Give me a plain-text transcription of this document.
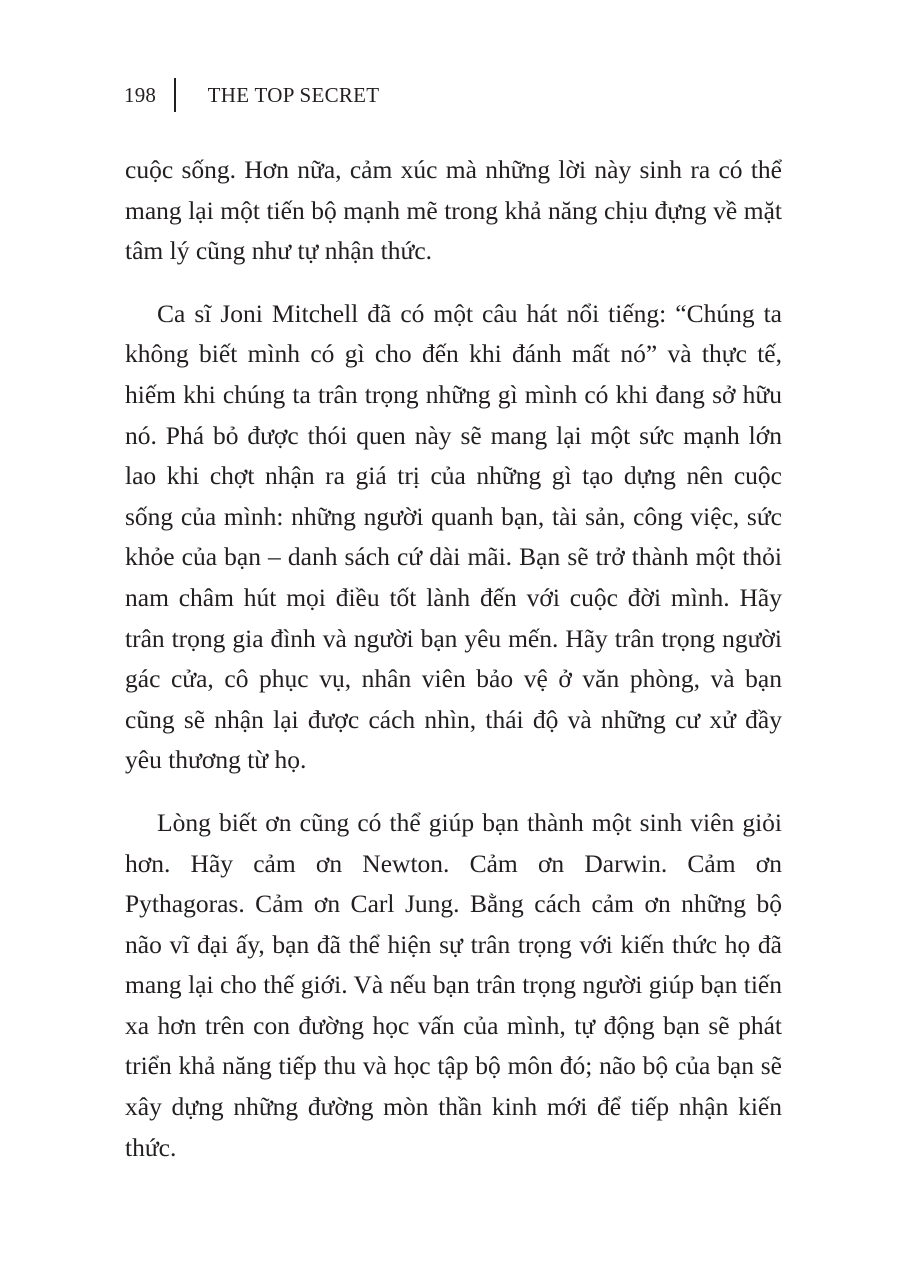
198 THE TOP SECRET

cuộc sống. Hơn nữa, cảm xúc mà những lời này sinh ra có thể mang lại một tiến bộ mạnh mẽ trong khả năng chịu đựng về mặt tâm lý cũng như tự nhận thức.

Ca sĩ Joni Mitchell đã có một câu hát nổi tiếng: “Chúng ta không biết mình có gì cho đến khi đánh mất nó” và thực tế, hiếm khi chúng ta trân trọng những gì mình có khi đang sở hữu nó. Phá bỏ được thói quen này sẽ mang lại một sức mạnh lớn lao khi chợt nhận ra giá trị của những gì tạo dựng nên cuộc sống của mình: những người quanh bạn, tài sản, công việc, sức khỏe của bạn – danh sách cứ dài mãi. Bạn sẽ trở thành một thỏi nam châm hút mọi điều tốt lành đến với cuộc đời mình. Hãy trân trọng gia đình và người bạn yêu mến. Hãy trân trọng người gác cửa, cô phục vụ, nhân viên bảo vệ ở văn phòng, và bạn cũng sẽ nhận lại được cách nhìn, thái độ và những cư xử đầy yêu thương từ họ.

Lòng biết ơn cũng có thể giúp bạn thành một sinh viên giỏi hơn. Hãy cảm ơn Newton. Cảm ơn Darwin. Cảm ơn Pythagoras. Cảm ơn Carl Jung. Bằng cách cảm ơn những bộ não vĩ đại ấy, bạn đã thể hiện sự trân trọng với kiến thức họ đã mang lại cho thế giới. Và nếu bạn trân trọng người giúp bạn tiến xa hơn trên con đường học vấn của mình, tự động bạn sẽ phát triển khả năng tiếp thu và học tập bộ môn đó; não bộ của bạn sẽ xây dựng những đường mòn thần kinh mới để tiếp nhận kiến thức.
